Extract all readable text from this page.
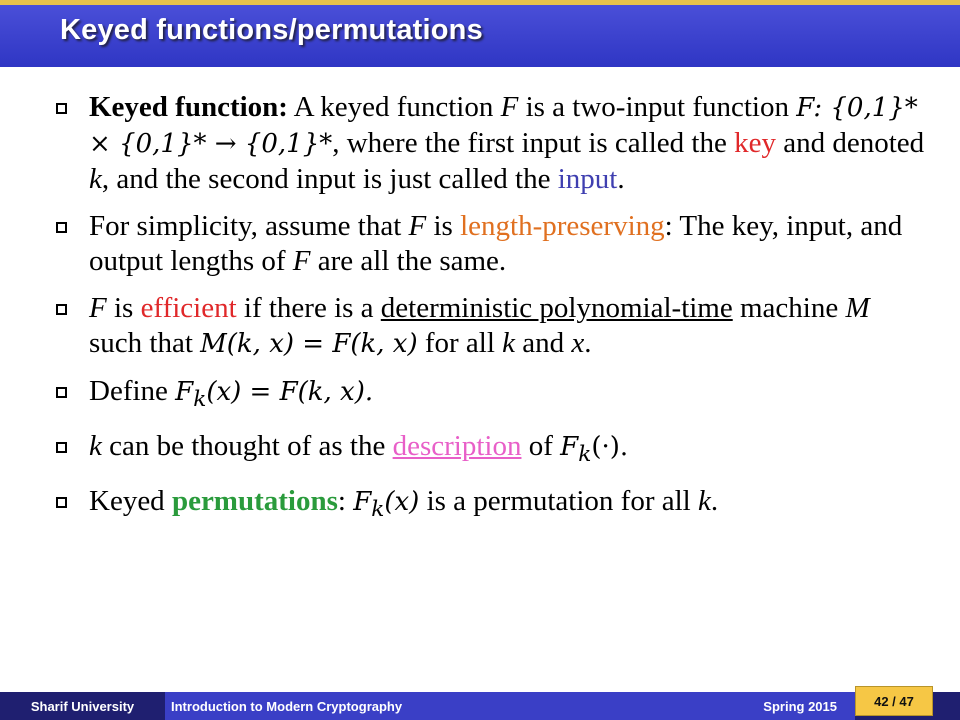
Keyed functions/permutations
Keyed function: A keyed function F is a two-input function F: {0,1}* × {0,1}* → {0,1}*, where the first input is called the key and denoted k, and the second input is just called the input.
For simplicity, assume that F is length-preserving: The key, input, and output lengths of F are all the same.
F is efficient if there is a deterministic polynomial-time machine M such that M(k, x) = F(k, x) for all k and x.
Define $F_k(x) = F(k$, x).
k can be thought of as the description of $F_k(\cdot)$.
Keyed permutations: $F_k(x)$ is a permutation for all k.
Sharif University	Introduction to Modern Cryptography	Spring 2015	42 / 47
